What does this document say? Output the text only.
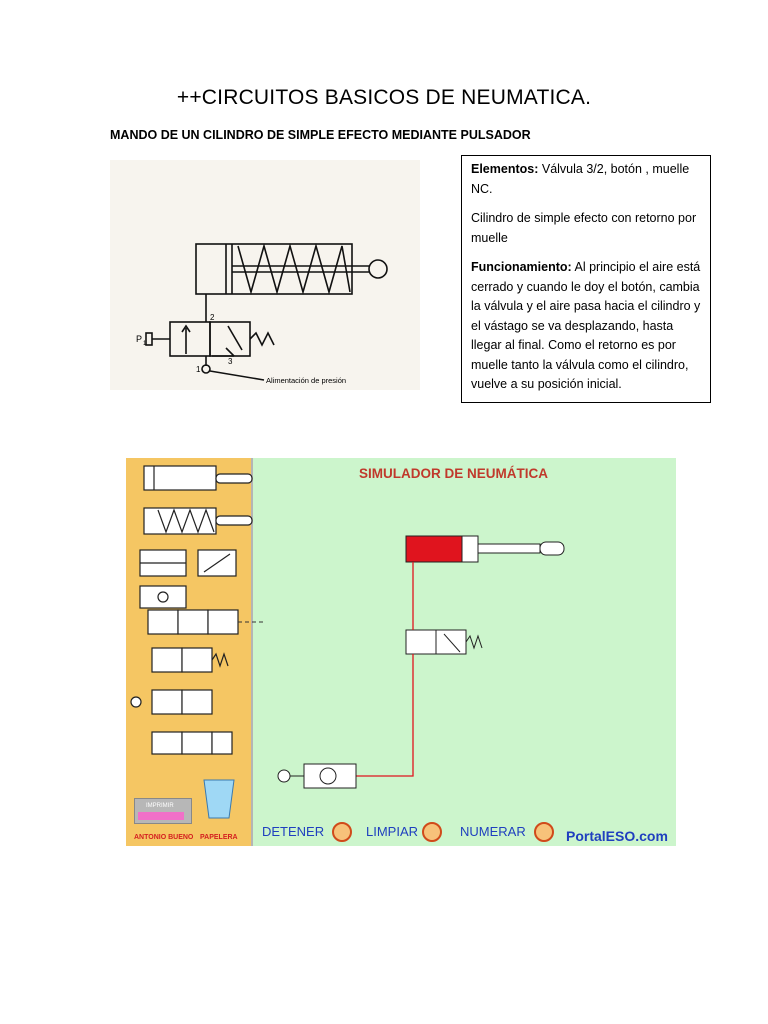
++CIRCUITOS BASICOS DE NEUMATICA.
MANDO DE UN CILINDRO DE SIMPLE EFECTO MEDIANTE PULSADOR
2
1
3
P 1
Alimentación de presión

Elementos: Válvula 3/2, botón , muelle NC.

Cilindro de simple efecto con retorno por muelle

Funcionamiento: Al principio el aire está cerrado y cuando le doy el botón, cambia la válvula y el aire pasa hacia el cilindro y el vástago se va desplazando, hasta llegar al final. Como el retorno es por muelle tanto la válvula como el cilindro, vuelve a su posición inicial.

IMPRIMIR
ANTONIO BUENO PAPELERA
SIMULADOR DE NEUMÁTICA
DETENER	LIMPIAR	NUMERAR	PortalESO.com
